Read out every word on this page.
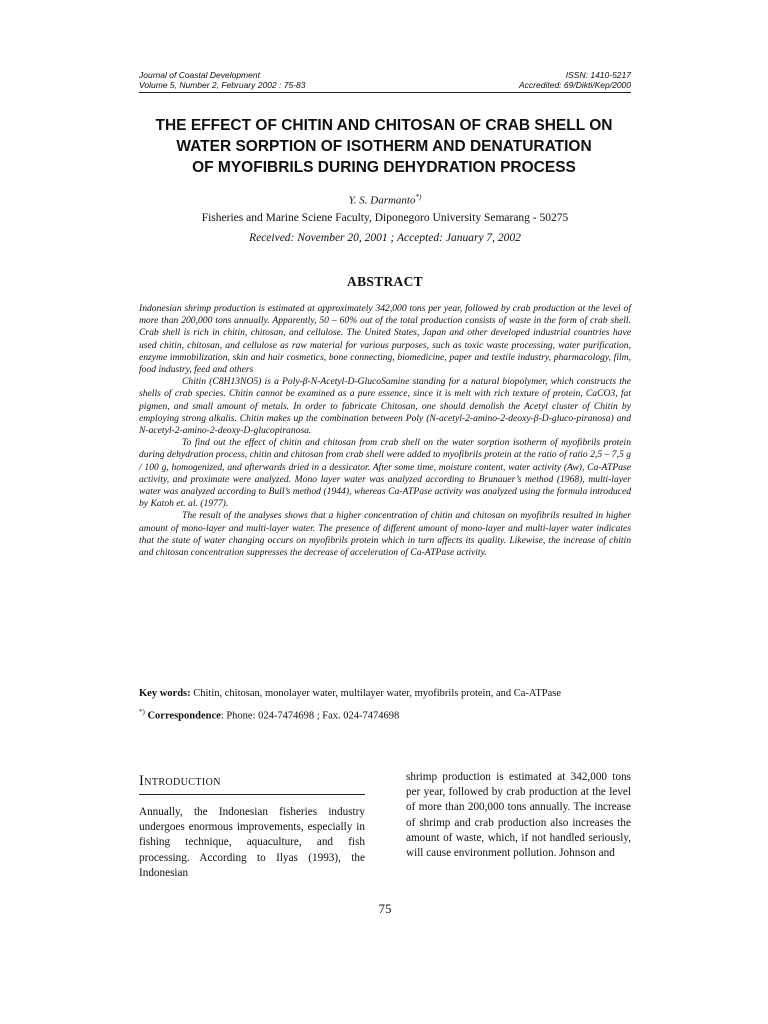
Journal of Coastal Development
Volume 5, Number 2, February 2002 : 75-83
ISSN: 1410-5217
Accredited: 69/Dikti/Kep/2000
THE EFFECT OF CHITIN AND CHITOSAN OF CRAB SHELL ON
WATER SORPTION OF ISOTHERM AND DENATURATION
OF MYOFIBRILS DURING DEHYDRATION PROCESS
Y. S. Darmanto*)
Fisheries and Marine Sciene Faculty, Diponegoro University Semarang - 50275
Received: November 20, 2001 ; Accepted: January 7, 2002
ABSTRACT

Indonesian shrimp production is estimated at approximately 342,000 tons per year, followed by crab production at the level of more than 200,000 tons annually. Apparently, 50 – 60% out of the total production consists of waste in the form of crab shell. Crab shell is rich in chitin, chitosan, and cellulose. The United States, Japan and other developed industrial countries have used chitin, chitosan, and cellulose as raw material for various purposes, such as toxic waste processing, water purification, enzyme immobilization, skin and hair cosmetics, bone connecting, biomedicine, paper and textile industry, pharmacology, film, food industry, feed and others

Chitin (C8H13NO5) is a Poly-β-N-Acetyl-D-GlucoSamine standing for a natural biopolymer, which constructs the shells of crab species. Chitin cannot be examined as a pure essence, since it is melt with rich texture of protein, CaCO3, fat pigmen, and small amount of metals. In order to fabricate Chitosan, one should demolish the Acetyl cluster of Chitin by employing strong alkalis. Chitin makes up the combination between Poly (N-acetyl-2-amino-2-deoxy-β-D-gluco-piranosa) and N-acetyl-2-amino-2-deoxy-D-glucopiranosa.

To find out the effect of chitin and chitosan from crab shell on the water sorption isotherm of myofibrils protein during dehydration process, chitin and chitosan from crab shell were added to myofibrils protein at the ratio of ratio 2,5 – 7,5 g / 100 g, homogenized, and afterwards dried in a dessicator. After some time, moisture content, water activity (Aw), Ca-ATPase activity, and proximate were analyzed. Mono layer water was analyzed according to Brunauer’s method (1968), multi-layer water was analyzed according to Bull’s method (1944), whereas Ca-ATPase activity was analyzed using the formula introduced by Katoh et. al. (1977).

The result of the analyses shows that a higher concentration of chitin and chitosan on myofibrils resulted in higher amount of mono-layer and multi-layer water. The presence of different amount of mono-layer and multi-layer water indicates that the state of water changing occurs on myofibrils protein which in turn affects its quality. Likewise, the increase of chitin and chitosan concentration suppresses the decrease of acceleration of Ca-ATPase activity.

Key words: Chitin, chitosan, monolayer water, multilayer water, myofibrils protein, and Ca-ATPase
*) Correspondence: Phone: 024-7474698 ; Fax. 024-7474698
Introduction
Annually, the Indonesian fisheries industry undergoes enormous improvements, especially in fishing technique, aquaculture, and fish processing. According to Ilyas (1993), the Indonesian
shrimp production is estimated at 342,000 tons per year, followed by crab production at the level of more than 200,000 tons annually. The increase of shrimp and crab production also increases the amount of waste, which, if not handled seriously, will cause environment pollution. Johnson and
75
